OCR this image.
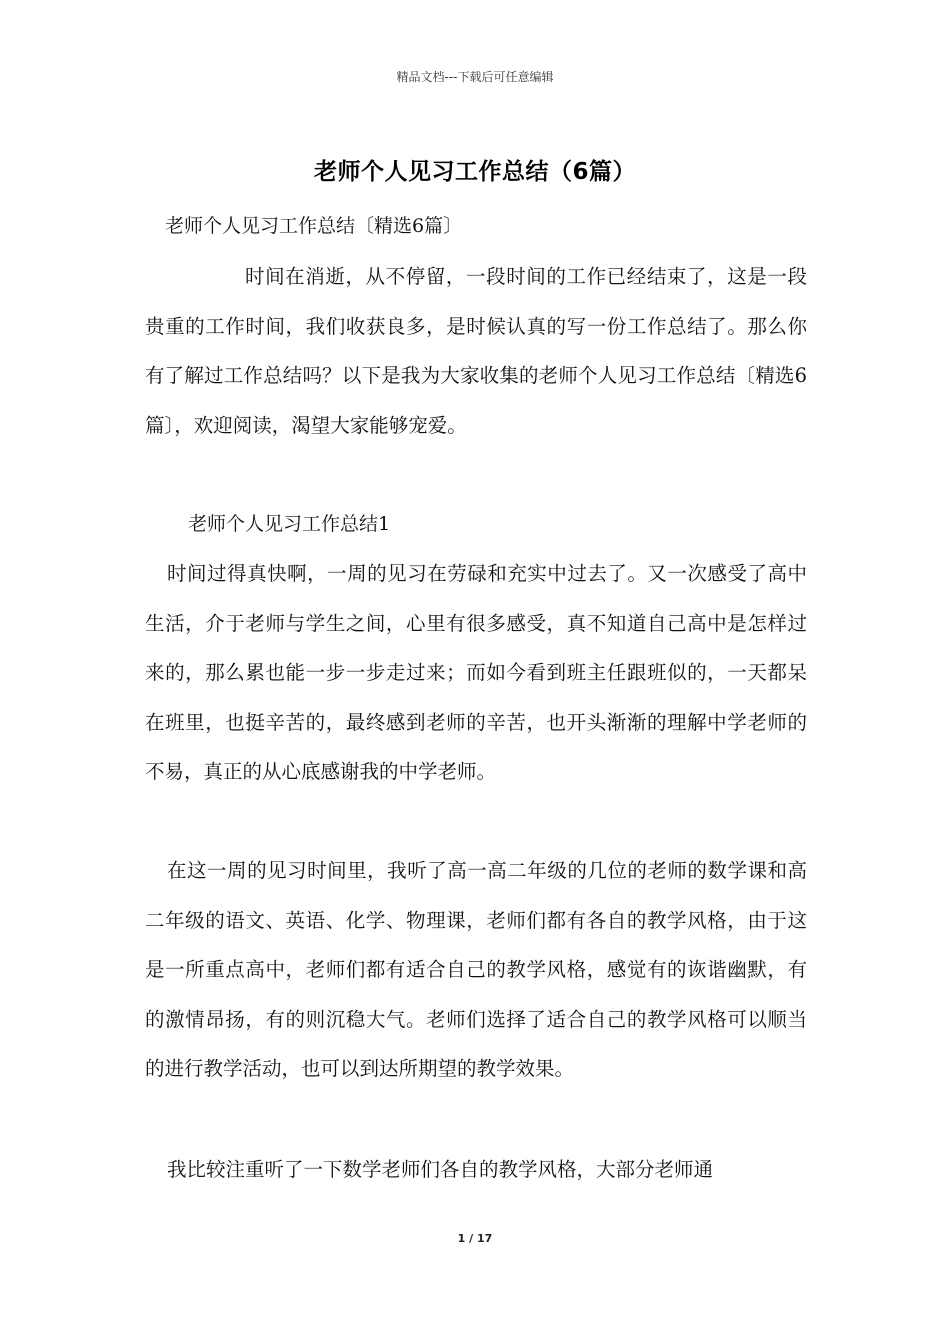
精品文档---下载后可任意编辑
老师个人见习工作总结（6篇）
老师个人见习工作总结〔精选6篇〕

时间在消逝，从不停留，一段时间的工作已经结束了，这是一段贵重的工作时间，我们收获良多，是时候认真的写一份工作总结了。那么你有了解过工作总结吗？以下是我为大家收集的老师个人见习工作总结〔精选6篇〕，欢迎阅读，渴望大家能够宠爱。

老师个人见习工作总结1

时间过得真快啊，一周的见习在劳碌和充实中过去了。又一次感受了高中生活，介于老师与学生之间，心里有很多感受，真不知道自己高中是怎样过来的，那么累也能一步一步走过来；而如今看到班主任跟班似的，一天都呆在班里，也挺辛苦的，最终感到老师的辛苦，也开头渐渐的理解中学老师的不易，真正的从心底感谢我的中学老师。

在这一周的见习时间里，我听了高一高二年级的几位的老师的数学课和高二年级的语文、英语、化学、物理课，老师们都有各自的教学风格，由于这是一所重点高中，老师们都有适合自己的教学风格，感觉有的诙谐幽默，有的激情昂扬，有的则沉稳大气。老师们选择了适合自己的教学风格可以顺当的进行教学活动，也可以到达所期望的教学效果。

我比较注重听了一下数学老师们各自的教学风格，大部分老师通

1 / 17
